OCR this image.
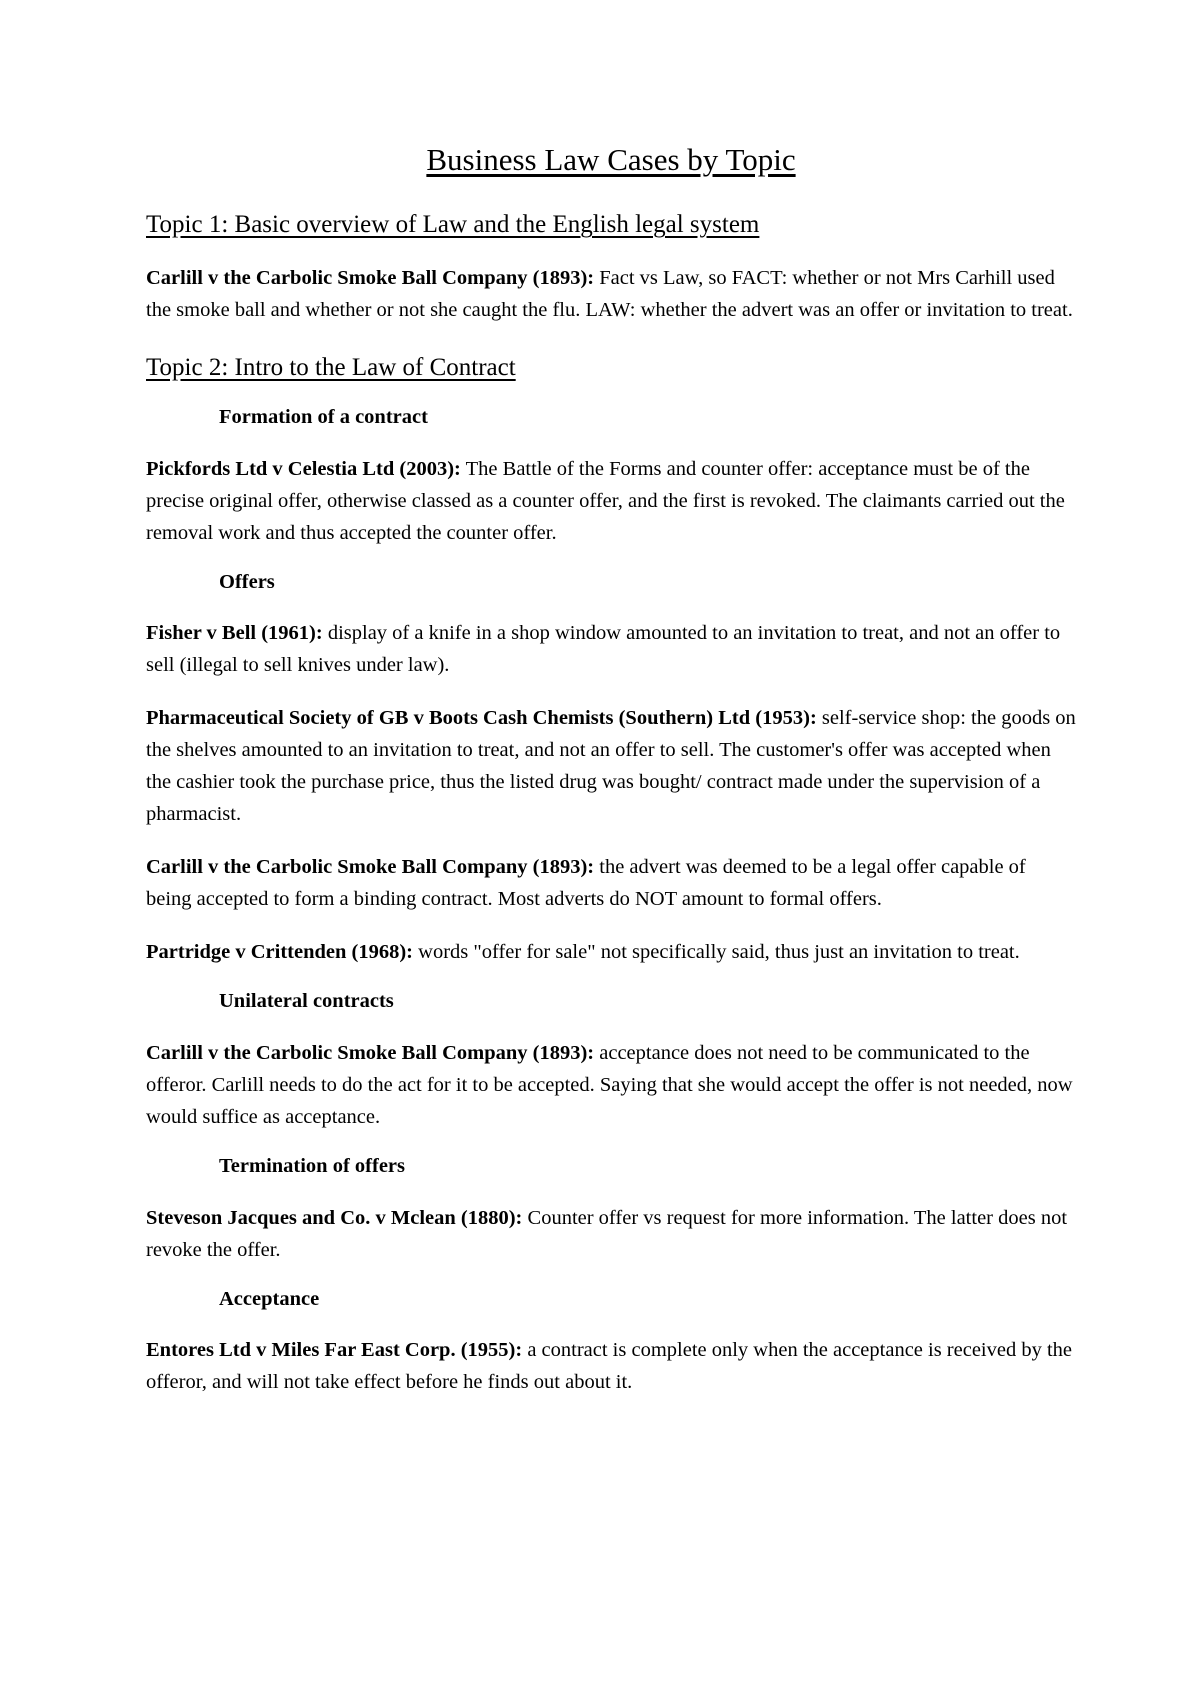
Business Law Cases by Topic
Topic 1: Basic overview of Law and the English legal system

Carlill v the Carbolic Smoke Ball Company (1893): Fact vs Law, so FACT: whether or not Mrs Carhill used the smoke ball and whether or not she caught the flu. LAW: whether the advert was an offer or invitation to treat.

Topic 2: Intro to the Law of Contract
Formation of a contract

Pickfords Ltd v Celestia Ltd (2003): The Battle of the Forms and counter offer: acceptance must be of the precise original offer, otherwise classed as a counter offer, and the first is revoked. The claimants carried out the removal work and thus accepted the counter offer.

Offers

Fisher v Bell (1961): display of a knife in a shop window amounted to an invitation to treat, and not an offer to sell (illegal to sell knives under law).

Pharmaceutical Society of GB v Boots Cash Chemists (Southern) Ltd (1953): self-service shop: the goods on the shelves amounted to an invitation to treat, and not an offer to sell. The customer's offer was accepted when the cashier took the purchase price, thus the listed drug was bought/ contract made under the supervision of a pharmacist.

Carlill v the Carbolic Smoke Ball Company (1893): the advert was deemed to be a legal offer capable of being accepted to form a binding contract. Most adverts do NOT amount to formal offers.

Partridge v Crittenden (1968): words "offer for sale" not specifically said, thus just an invitation to treat.

Unilateral contracts

Carlill v the Carbolic Smoke Ball Company (1893): acceptance does not need to be communicated to the offeror. Carlill needs to do the act for it to be accepted. Saying that she would accept the offer is not needed, now would suffice as acceptance.

Termination of offers

Steveson Jacques and Co. v Mclean (1880): Counter offer vs request for more information. The latter does not revoke the offer.

Acceptance

Entores Ltd v Miles Far East Corp. (1955): a contract is complete only when the acceptance is received by the offeror, and will not take effect before he finds out about it.
